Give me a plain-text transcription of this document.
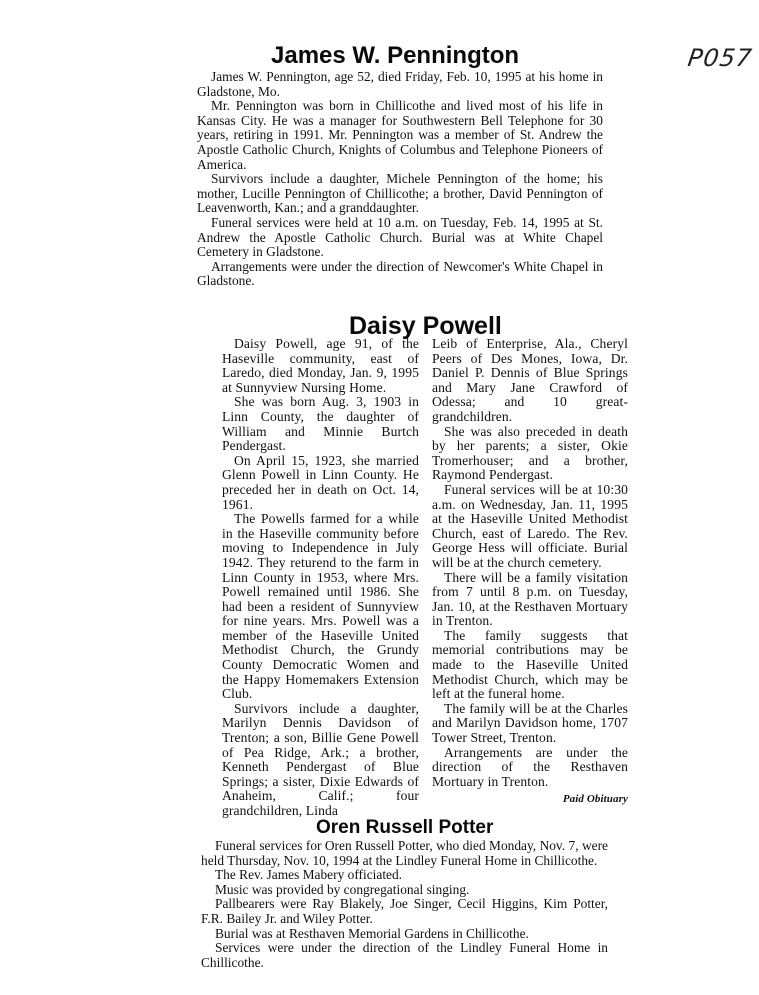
P057
James W. Pennington

James W. Pennington, age 52, died Friday, Feb. 10, 1995 at his home in Gladstone, Mo.

Mr. Pennington was born in Chillicothe and lived most of his life in Kansas City. He was a manager for Southwestern Bell Telephone for 30 years, retiring in 1991. Mr. Pennington was a member of St. Andrew the Apostle Catholic Church, Knights of Columbus and Telephone Pioneers of America.

Survivors include a daughter, Michele Pennington of the home; his mother, Lucille Pennington of Chillicothe; a brother, David Pennington of Leavenworth, Kan.; and a granddaughter.

Funeral services were held at 10 a.m. on Tuesday, Feb. 14, 1995 at St. Andrew the Apostle Catholic Church. Burial was at White Chapel Cemetery in Gladstone.

Arrangements were under the direction of Newcomer's White Chapel in Gladstone.

Daisy Powell

Daisy Powell, age 91, of the Haseville community, east of Laredo, died Monday, Jan. 9, 1995 at Sunnyview Nursing Home.

She was born Aug. 3, 1903 in Linn County, the daughter of William and Minnie Burtch Pendergast.

On April 15, 1923, she married Glenn Powell in Linn County. He preceded her in death on Oct. 14, 1961.

The Powells farmed for a while in the Haseville community before moving to Independence in July 1942. They returend to the farm in Linn County in 1953, where Mrs. Powell remained until 1986. She had been a resident of Sunnyview for nine years. Mrs. Powell was a member of the Haseville United Methodist Church, the Grundy County Democratic Women and the Happy Homemakers Extension Club.

Survivors include a daughter, Marilyn Dennis Davidson of Trenton; a son, Billie Gene Powell of Pea Ridge, Ark.; a brother, Kenneth Pendergast of Blue Springs; a sister, Dixie Edwards of Anaheim, Calif.; four grandchildren, Linda

Leib of Enterprise, Ala., Cheryl Peers of Des Mones, Iowa, Dr. Daniel P. Dennis of Blue Springs and Mary Jane Crawford of Odessa; and 10 great-grandchildren.

She was also preceded in death by her parents; a sister, Okie Tromerhouser; and a brother, Raymond Pendergast.

Funeral services will be at 10:30 a.m. on Wednesday, Jan. 11, 1995 at the Haseville United Methodist Church, east of Laredo. The Rev. George Hess will officiate. Burial will be at the church cemetery.

There will be a family visitation from 7 until 8 p.m. on Tuesday, Jan. 10, at the Resthaven Mortuary in Trenton.

The family suggests that memorial contributions may be made to the Haseville United Methodist Church, which may be left at the funeral home.

The family will be at the Charles and Marilyn Davidson home, 1707 Tower Street, Trenton.

Arrangements are under the direction of the Resthaven Mortuary in Trenton.

Paid Obituary
Oren Russell Potter

Funeral services for Oren Russell Potter, who died Monday, Nov. 7, were held Thursday, Nov. 10, 1994 at the Lindley Funeral Home in Chillicothe.

The Rev. James Mabery officiated.

Music was provided by congregational singing.

Pallbearers were Ray Blakely, Joe Singer, Cecil Higgins, Kim Potter, F.R. Bailey Jr. and Wiley Potter.

Burial was at Resthaven Memorial Gardens in Chillicothe.

Services were under the direction of the Lindley Funeral Home in Chillicothe.
